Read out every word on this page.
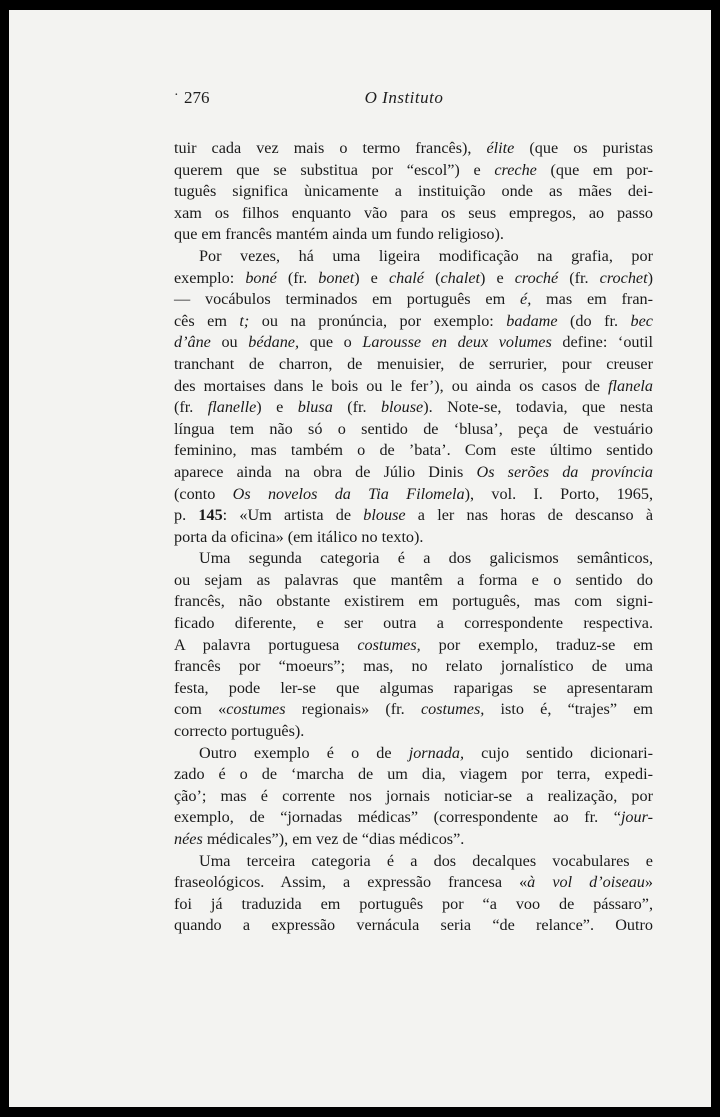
· 276	O Instituto
tuir cada vez mais o termo francês), élite (que os puristas
querem que se substitua por “escol”) e creche (que em por-
tuguês significa ùnicamente a instituição onde as mães dei-
xam os filhos enquanto vão para os seus empregos, ao passo
que em francês mantém ainda um fundo religioso).
Por vezes, há uma ligeira modificação na grafia, por
exemplo: boné (fr. bonet) e chalé (chalet) e croché (fr. crochet)
— vocábulos terminados em português em é, mas em fran-
cês em t; ou na pronúncia, por exemplo: badame (do fr. bec
d’âne ou bédane, que o Larousse en deux volumes define: ‘outil
tranchant de charron, de menuisier, de serrurier, pour creuser
des mortaises dans le bois ou le fer’), ou ainda os casos de flanela
(fr. flanelle) e blusa (fr. blouse). Note-se, todavia, que nesta
língua tem não só o sentido de ‘blusa’, peça de vestuário
feminino, mas também o de ’bata’. Com este último sentido
aparece ainda na obra de Júlio Dinis Os serões da província
(conto Os novelos da Tia Filomela), vol. I. Porto, 1965,
p. 145: «Um artista de blouse a ler nas horas de descanso à
porta da oficina» (em itálico no texto).
Uma segunda categoria é a dos galicismos semânticos,
ou sejam as palavras que mantêm a forma e o sentido do
francês, não obstante existirem em português, mas com signi-
ficado diferente, e ser outra a correspondente respectiva.
A palavra portuguesa costumes, por exemplo, traduz-se em
francês por “moeurs”; mas, no relato jornalístico de uma
festa, pode ler-se que algumas raparigas se apresentaram
com «costumes regionais» (fr. costumes, isto é, “trajes” em
correcto português).
Outro exemplo é o de jornada, cujo sentido dicionari-
zado é o de ‘marcha de um dia, viagem por terra, expedi-
ção’; mas é corrente nos jornais noticiar-se a realização, por
exemplo, de “jornadas médicas” (correspondente ao fr. “jour-
nées médicales”), em vez de “dias médicos”.
Uma terceira categoria é a dos decalques vocabulares e
fraseológicos. Assim, a expressão francesa «à vol d’oiseau»
foi já traduzida em português por “a voo de pássaro”,
quando a expressão vernácula seria “de relance”. Outro
